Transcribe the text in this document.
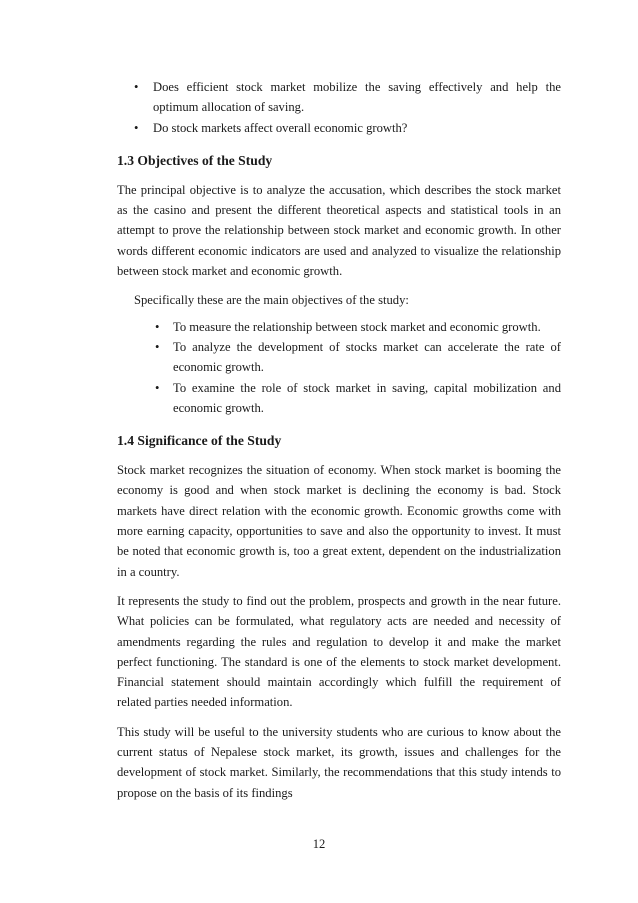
• Does efficient stock market mobilize the saving effectively and help the optimum allocation of saving.
• Do stock markets affect overall economic growth?
1.3 Objectives of the Study

The principal objective is to analyze the accusation, which describes the stock market as the casino and present the different theoretical aspects and statistical tools in an attempt to prove the relationship between stock market and economic growth. In other words different economic indicators are used and analyzed to visualize the relationship between stock market and economic growth.

Specifically these are the main objectives of the study:

• To measure the relationship between stock market and economic growth.
• To analyze the development of stocks market can accelerate the rate of economic growth.
• To examine the role of stock market in saving, capital mobilization and economic growth.
1.4 Significance of the Study

Stock market recognizes the situation of economy. When stock market is booming the economy is good and when stock market is declining the economy is bad. Stock markets have direct relation with the economic growth. Economic growths come with more earning capacity, opportunities to save and also the opportunity to invest. It must be noted that economic growth is, too a great extent, dependent on the industrialization in a country.

It represents the study to find out the problem, prospects and growth in the near future. What policies can be formulated, what regulatory acts are needed and necessity of amendments regarding the rules and regulation to develop it and make the market perfect functioning. The standard is one of the elements to stock market development. Financial statement should maintain accordingly which fulfill the requirement of related parties needed information.

This study will be useful to the university students who are curious to know about the current status of Nepalese stock market, its growth, issues and challenges for the development of stock market. Similarly, the recommendations that this study intends to propose on the basis of its findings

12
